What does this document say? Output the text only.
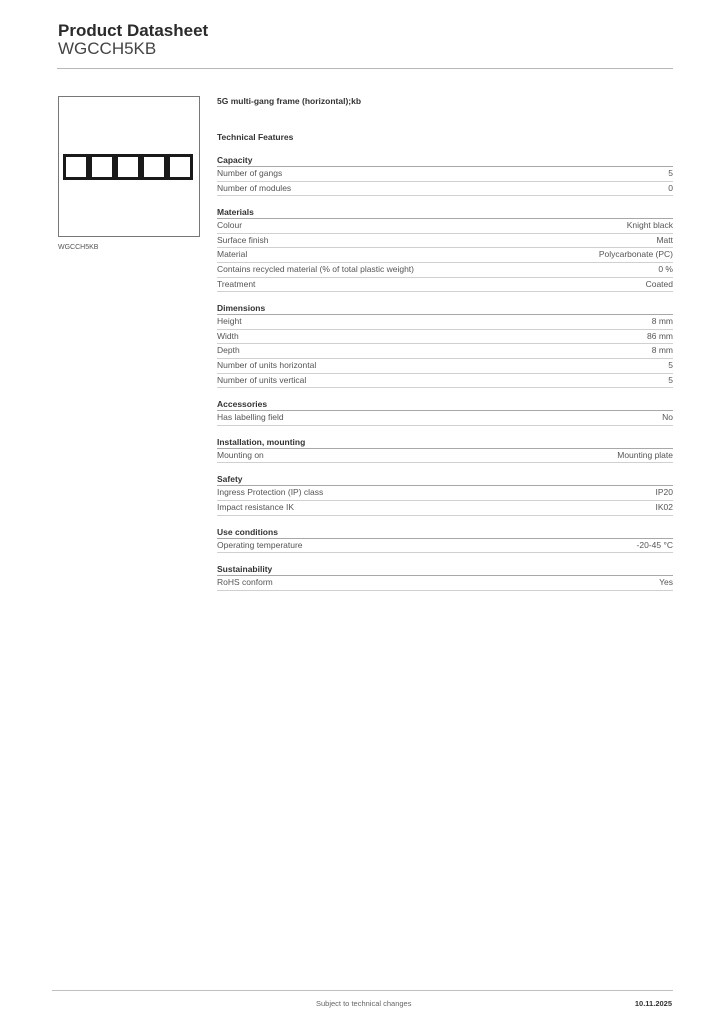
Product Datasheet
WGCCH5KB
WGCCH5KB
5G multi-gang frame (horizontal);kb
Technical Features
Capacity
Number of gangs	5
Number of modules	0
Materials
Colour	Knight black
Surface finish	Matt
Material	Polycarbonate (PC)
Contains recycled material (% of total plastic weight)	0 %
Treatment	Coated
Dimensions
Height	8 mm
Width	86 mm
Depth	8 mm
Number of units horizontal	5
Number of units vertical	5
Accessories
Has labelling field	No
Installation, mounting
Mounting on	Mounting plate
Safety
Ingress Protection (IP) class	IP20
Impact resistance IK	IK02
Use conditions
Operating temperature	-20-45 °C
Sustainability
RoHS conform	Yes
Subject to technical changes	10.11.2025
